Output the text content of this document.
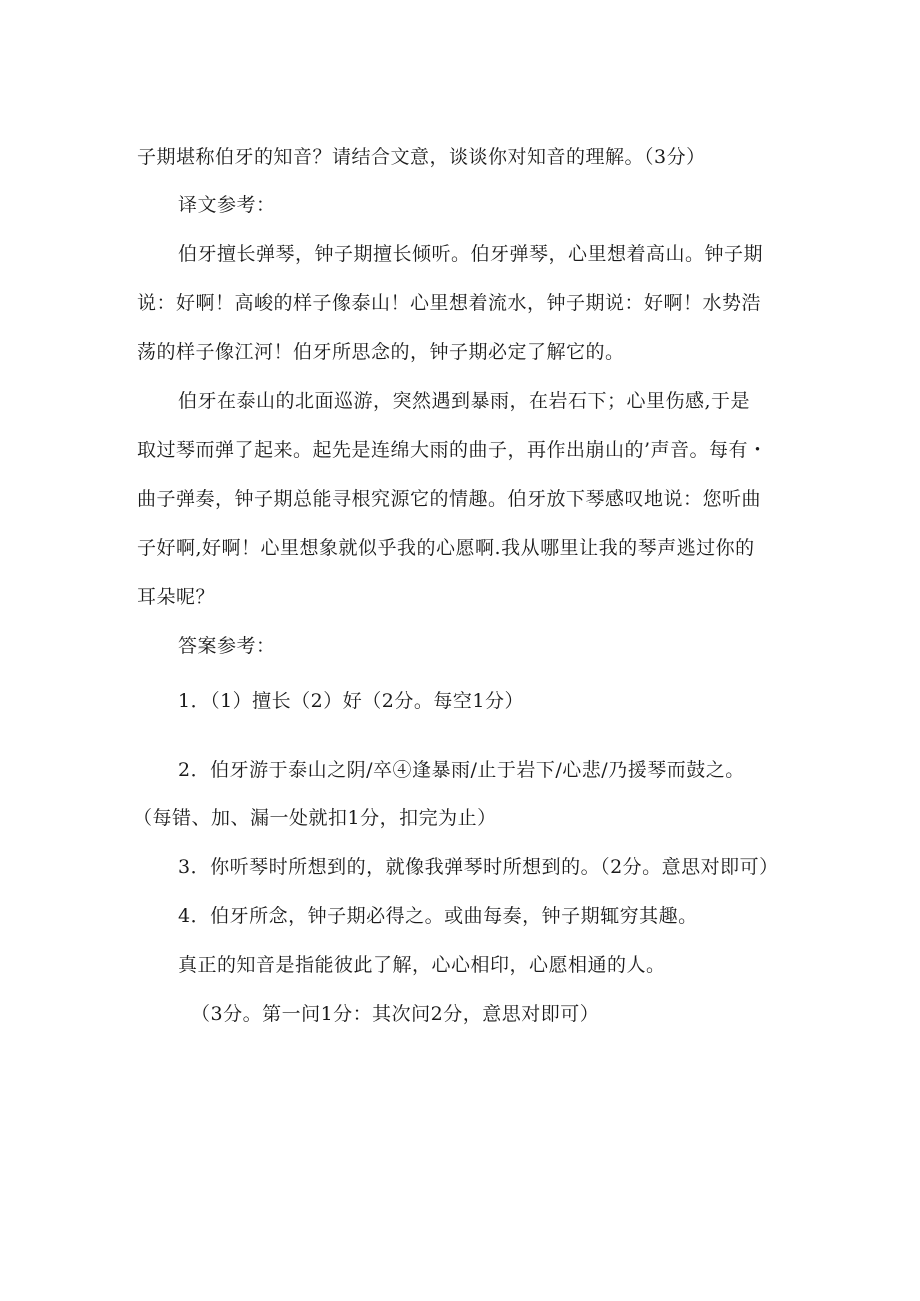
子期堪称伯牙的知音？请结合文意，谈谈你对知音的理解。（3分）
译文参考：
伯牙擅长弹琴，钟子期擅长倾听。伯牙弹琴，心里想着高山。钟子期
说：好啊！高峻的样子像泰山！心里想着流水，钟子期说：好啊！水势浩
荡的样子像江河！伯牙所思念的，钟子期必定了解它的。
伯牙在泰山的北面巡游，突然遇到暴雨，在岩石下；心里伤感,于是
取过琴而弹了起来。起先是连绵大雨的曲子，再作出崩山的’声音。每有・
曲子弹奏，钟子期总能寻根究源它的情趣。伯牙放下琴感叹地说：您听曲
子好啊,好啊！心里想象就似乎我的心愿啊.我从哪里让我的琴声逃过你的
耳朵呢？
答案参考：
1．（1）擅长（2）好（2分。每空1分）
2．伯牙游于泰山之阴/卒④逢暴雨/止于岩下/心悲/乃援琴而鼓之。
（每错、加、漏一处就扣1分，扣完为止）
3．你听琴时所想到的，就像我弹琴时所想到的。（2分。意思对即可）
4．伯牙所念，钟子期必得之。或曲每奏，钟子期辄穷其趣。
真正的知音是指能彼此了解，心心相印，心愿相通的人。
（3分。第一问1分：其次问2分，意思对即可）
